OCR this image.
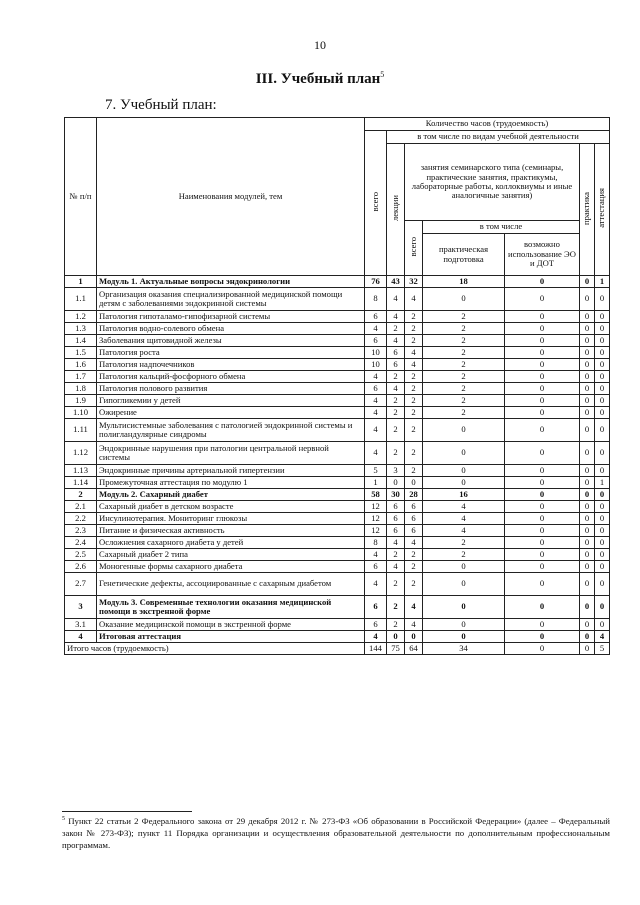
10
III. Учебный план$^5$
7. Учебный план:
№ п/п	Наименования модулей, тем	Количество часов (трудоемкость)						
		всего	в том числе по видам учебной деятельности					
			лекции	занятия семинарского типа (семинары, практические занятия, практикумы, лабораторные работы, коллоквиумы и иные аналогичные занятия)			практика	аттестация
				всего	в том числе			
					практическая подготовка	возможно использование ЭО и ДОТ		
1	Модуль 1. Актуальные вопросы эндокринологии	76	43	32	18	0	0	1
1.1	Организация оказания специализированной медицинской помощи детям с заболеваниями эндокринной системы	8	4	4	0	0	0	0
1.2	Патология гипоталамо-гипофизарной системы	6	4	2	2	0	0	0
1.3	Патология водно-солевого обмена	4	2	2	2	0	0	0
1.4	Заболевания щитовидной железы	6	4	2	2	0	0	0
1.5	Патология роста	10	6	4	2	0	0	0
1.6	Патология надпочечников	10	6	4	2	0	0	0
1.7	Патология кальций-фосфорного обмена	4	2	2	2	0	0	0
1.8	Патология полового развития	6	4	2	2	0	0	0
1.9	Гипогликемии у детей	4	2	2	2	0	0	0
1.10	Ожирение	4	2	2	2	0	0	0
1.11	Мультисистемные заболевания с патологией эндокринной системы и полигландулярные синдромы	4	2	2	0	0	0	0
1.12	Эндокринные нарушения при патологии центральной нервной системы	4	2	2	0	0	0	0
1.13	Эндокринные причины артериальной гипертензии	5	3	2	0	0	0	0
1.14	Промежуточная аттестация по модулю 1	1	0	0	0	0	0	1
2	Модуль 2. Сахарный диабет	58	30	28	16	0	0	0
2.1	Сахарный диабет в детском возрасте	12	6	6	4	0	0	0
2.2	Инсулинотерапия. Мониторинг глюкозы	12	6	6	4	0	0	0
2.3	Питание и физическая активность	12	6	6	4	0	0	0
2.4	Осложнения сахарного диабета у детей	8	4	4	2	0	0	0
2.5	Сахарный диабет 2 типа	4	2	2	2	0	0	0
2.6	Моногенные формы сахарного диабета	6	4	2	0	0	0	0
2.7	Генетические дефекты, ассоциированные с сахарным диабетом	4	2	2	0	0	0	0
3	Модуль 3. Современные технологии оказания медицинской помощи в экстренной форме	6	2	4	0	0	0	0
3.1	Оказание медицинской помощи в экстренной форме	6	2	4	0	0	0	0
4	Итоговая аттестация	4	0	0	0	0	0	4
Итого часов (трудоемкость)		144	75	64	34	0	0	5
$^5$ Пункт 22 статьи 2 Федерального закона от 29 декабря 2012 г. № 273-ФЗ «Об образовании в Российской Федерации» (далее – Федеральный закон № 273-ФЗ); пункт 11 Порядка организации и осуществления образовательной деятельности по дополнительным профессиональным программам.
